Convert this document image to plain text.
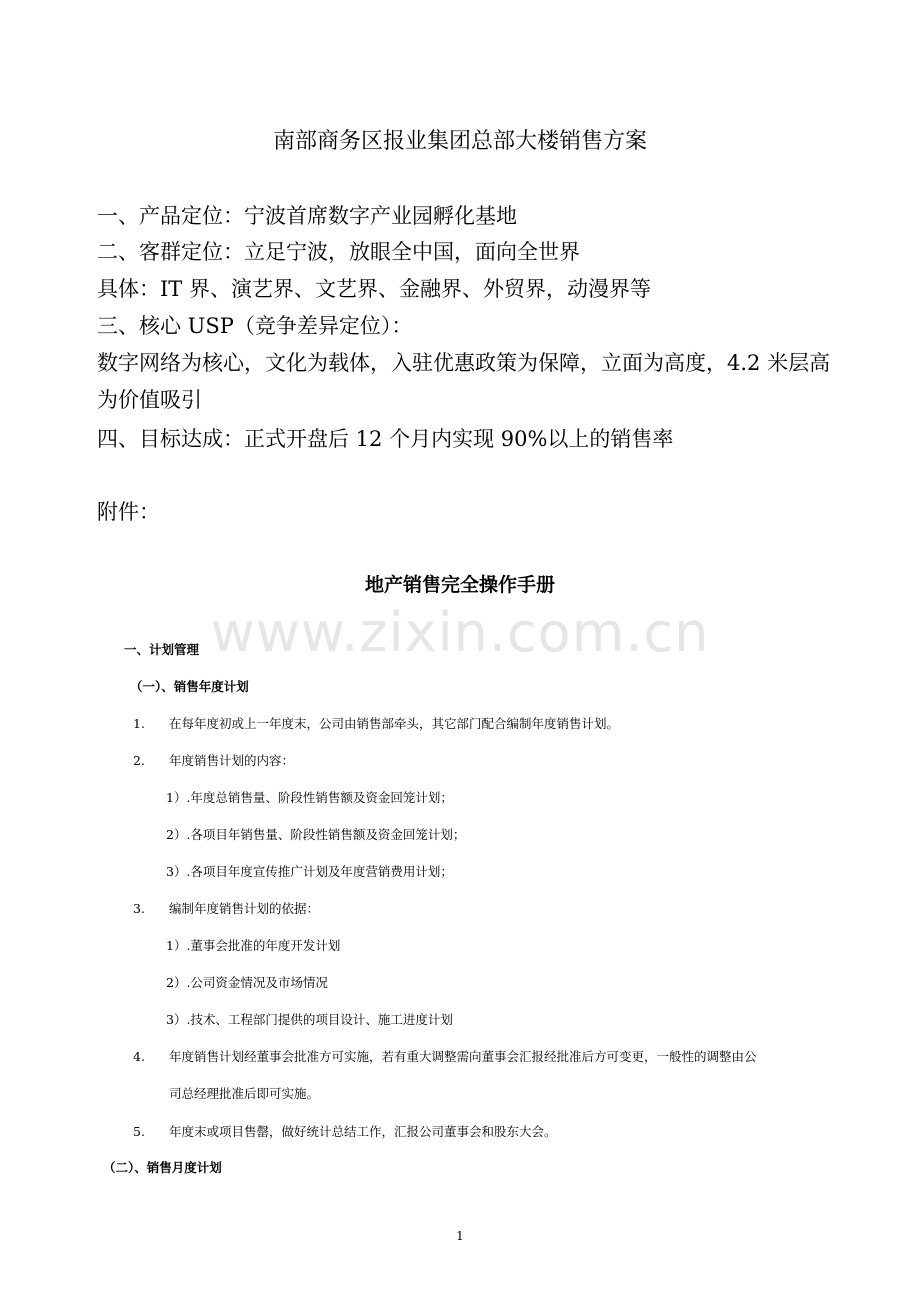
www.zixin.com.cn
南部商务区报业集团总部大楼销售方案
一、产品定位：宁波首席数字产业园孵化基地
二、客群定位：立足宁波，放眼全中国，面向全世界
具体：IT 界、演艺界、文艺界、金融界、外贸界，动漫界等
三、核心 USP（竞争差异定位）：
数字网络为核心，文化为载体，入驻优惠政策为保障，立面为高度，4.2 米层高为价值吸引
四、目标达成：正式开盘后 12 个月内实现 90%以上的销售率
附件：
地产销售完全操作手册
一、计划管理
（一）、销售年度计划
1. 在每年度初或上一年度末，公司由销售部牵头，其它部门配合编制年度销售计划。
2. 年度销售计划的内容：
1）.年度总销售量、阶段性销售额及资金回笼计划；
2）.各项目年销售量、阶段性销售额及资金回笼计划；
3）.各项目年度宣传推广计划及年度营销费用计划；
3. 编制年度销售计划的依据：
1）.董事会批准的年度开发计划
2）.公司资金情况及市场情况
3）.技术、工程部门提供的项目设计、施工进度计划
4. 年度销售计划经董事会批准方可实施，若有重大调整需向董事会汇报经批准后方可变更，一般性的调整由公
司总经理批准后即可实施。
5. 年度末或项目售罄，做好统计总结工作，汇报公司董事会和股东大会。
（二）、销售月度计划
1
